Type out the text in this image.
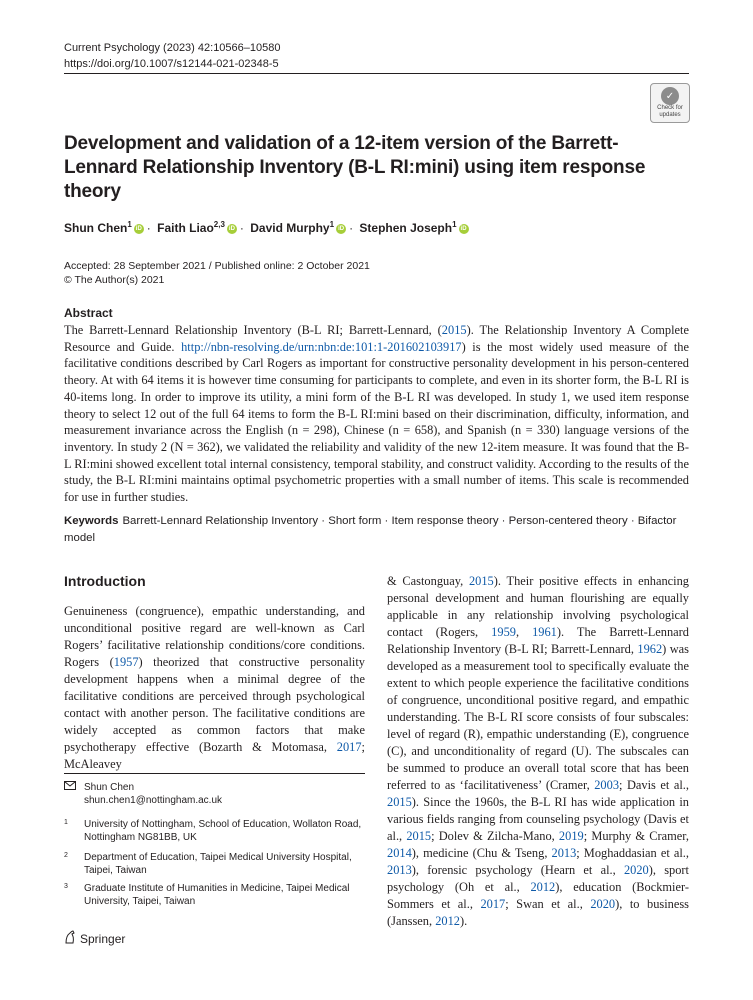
Current Psychology (2023) 42:10566–10580
https://doi.org/10.1007/s12144-021-02348-5
✓
Check for
updates
Development and validation of a 12-item version of the Barrett-Lennard Relationship Inventory (B-L RI:mini) using item response theory
Shun Chen$^1$ iD · Faith Liao$^{2,3}$ iD · David Murphy$^1$ iD · Stephen Joseph$^1$ iD
Accepted: 28 September 2021 / Published online: 2 October 2021
© The Author(s) 2021
Abstract
The Barrett-Lennard Relationship Inventory (B-L RI; Barrett-Lennard, (2015). The Relationship Inventory A Complete Resource and Guide. http://nbn-resolving.de/urn:nbn:de:101:1-201602103917) is the most widely used measure of the facilitative conditions described by Carl Rogers as important for constructive personality development in his person-centered theory. At with 64 items it is however time consuming for participants to complete, and even in its shorter form, the B-L RI is 40-items long. In order to improve its utility, a mini form of the B-L RI was developed. In study 1, we used item response theory to select 12 out of the full 64 items to form the B-L RI:mini based on their discrimination, difficulty, information, and measurement invariance across the English (n = 298), Chinese (n = 658), and Spanish (n = 330) language versions of the inventory. In study 2 (N = 362), we validated the reliability and validity of the new 12-item measure. It was found that the B-L RI:mini showed excellent total internal consistency, temporal stability, and construct validity. According to the results of the study, the B-L RI:mini maintains optimal psychometric properties with a small number of items. This scale is recommended for use in further studies.
Keywords Barrett-Lennard Relationship Inventory · Short form · Item response theory · Person-centered theory · Bifactor model
Introduction

Genuineness (congruence), empathic understanding, and unconditional positive regard are well-known as Carl Rogers’ facilitative relationship conditions/core conditions. Rogers (1957) theorized that constructive personality development happens when a minimal degree of the facilitative conditions are perceived through psychological contact with another person. The facilitative conditions are widely accepted as common factors that make psychotherapy effective (Bozarth & Motomasa, 2017; McAleavey

& Castonguay, 2015). Their positive effects in enhancing personal development and human flourishing are equally applicable in any relationship involving psychological contact (Rogers, 1959, 1961). The Barrett-Lennard Relationship Inventory (B-L RI; Barrett-Lennard, 1962) was developed as a measurement tool to specifically evaluate the extent to which people experience the facilitative conditions of congruence, unconditional positive regard, and empathic understanding. The B-L RI score consists of four subscales: level of regard (R), empathic understanding (E), congruence (C), and unconditionality of regard (U). The subscales can be summed to produce an overall total score that has been referred to as ‘facilitativeness’ (Cramer, 2003; Davis et al., 2015). Since the 1960s, the B-L RI has wide application in various fields ranging from counseling psychology (Davis et al., 2015; Dolev & Zilcha-Mano, 2019; Murphy & Cramer, 2014), medicine (Chu & Tseng, 2013; Moghaddasian et al., 2013), forensic psychology (Hearn et al., 2020), sport psychology (Oh et al., 2012), education (Bockmier-Sommers et al., 2017; Swan et al., 2020), to business (Janssen, 2012).

Shun Chen
shun.chen1@nottingham.ac.uk
1 University of Nottingham, School of Education, Wollaton Road, Nottingham NG81BB, UK
2 Department of Education, Taipei Medical University Hospital, Taipei, Taiwan
3 Graduate Institute of Humanities in Medicine, Taipei Medical University, Taipei, Taiwan
Springer
